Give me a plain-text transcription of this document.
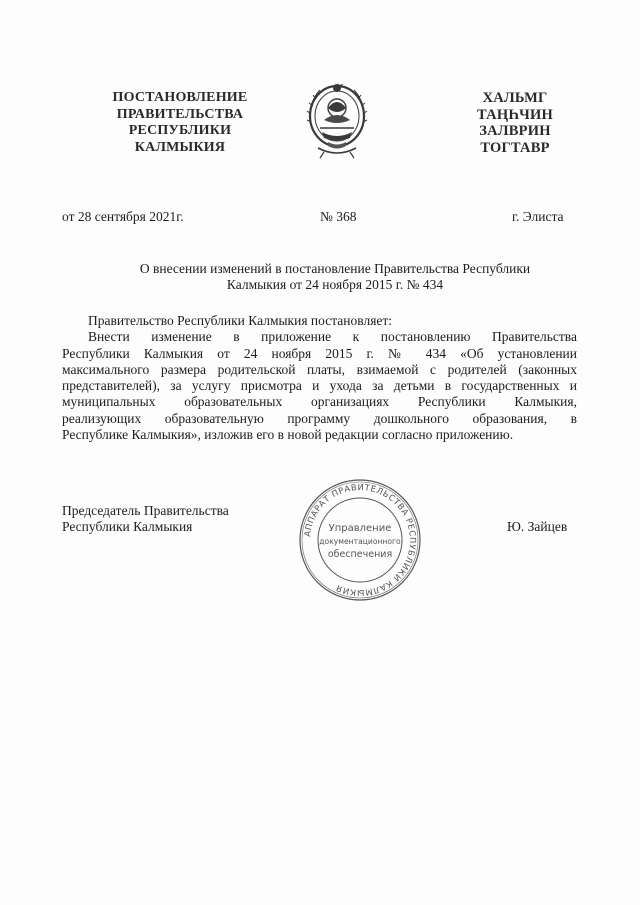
ПОСТАНОВЛЕНИЕ
ПРАВИТЕЛЬСТВА
РЕСПУБЛИКИ
КАЛМЫКИЯ
ХАЛЬМГ
ТАҢҺЧИН
ЗАЛВРИН
ТОГТАВР
от 28 сентября 2021г.	№ 368	г. Элиста
О внесении изменений в постановление Правительства Республики
Калмыкия от 24 ноября 2015 г. № 434
Правительство Республики Калмыкия постановляет:
Внести изменение в приложение к постановлению Правительства
Республики Калмыкия от 24 ноября 2015 г. № 434 «Об установлении
максимального размера родительской платы, взимаемой с родителей (законных
представителей), за услугу присмотра и ухода за детьми в государственных и
муниципальных образовательных организациях Республики Калмыкия,
реализующих образовательную программу дошкольного образования, в
Республике Калмыкия», изложив его в новой редакции согласно приложению.
Председатель Правительства
Республики Калмыкия	АППАРАТ ПРАВИТЕЛЬСТВА РЕСПУБЛИКИ КАЛМЫКИЯ
Управление
документационного
обеспечения
Ю. Зайцев
